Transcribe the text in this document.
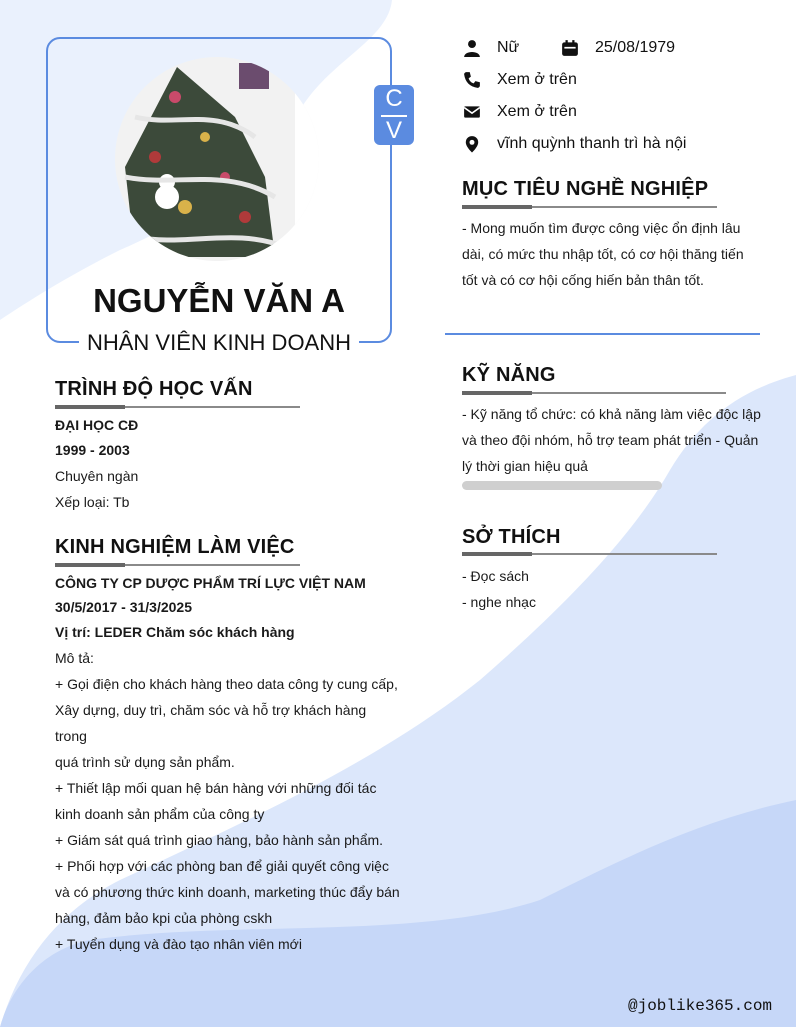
C
V
NGUYỄN VĂN A
NHÂN VIÊN KINH DOANH
Nữ	25/08/1979
Xem ở trên
Xem ở trên
vĩnh quỳnh thanh trì hà nội
MỤC TIÊU NGHỀ NGHIỆP
- Mong muốn tìm được công việc ổn định lâu
dài, có mức thu nhập tốt, có cơ hội thăng tiến
tốt và có cơ hội cống hiến bản thân tốt.
KỸ NĂNG
- Kỹ năng tổ chức: có khả năng làm việc độc lập
và theo đội nhóm, hỗ trợ team phát triển - Quản
lý thời gian hiệu quả
SỞ THÍCH
- Đọc sách
- nghe nhạc
TRÌNH ĐỘ HỌC VẤN
ĐẠI HỌC CĐ
1999 - 2003
Chuyên ngàn
Xếp loại: Tb
KINH NGHIỆM LÀM VIỆC
CÔNG TY CP DƯỢC PHẨM TRÍ LỰC VIỆT NAM
30/5/2017 - 31/3/2025
Vị trí: LEDER Chăm sóc khách hàng
Mô tả:
+ Gọi điện cho khách hàng theo data công ty cung cấp,
Xây dựng, duy trì, chăm sóc và hỗ trợ khách hàng trong
quá trình sử dụng sản phẩm.
+ Thiết lập mối quan hệ bán hàng với những đối tác
kinh doanh sản phẩm của công ty
+ Giám sát quá trình giao hàng, bảo hành sản phẩm.
+ Phối hợp với các phòng ban để giải quyết công việc
và có phương thức kinh doanh, marketing thúc đẩy bán
hàng, đảm bảo kpi của phòng cskh
+ Tuyển dụng và đào tạo nhân viên mới
@joblike365.com
